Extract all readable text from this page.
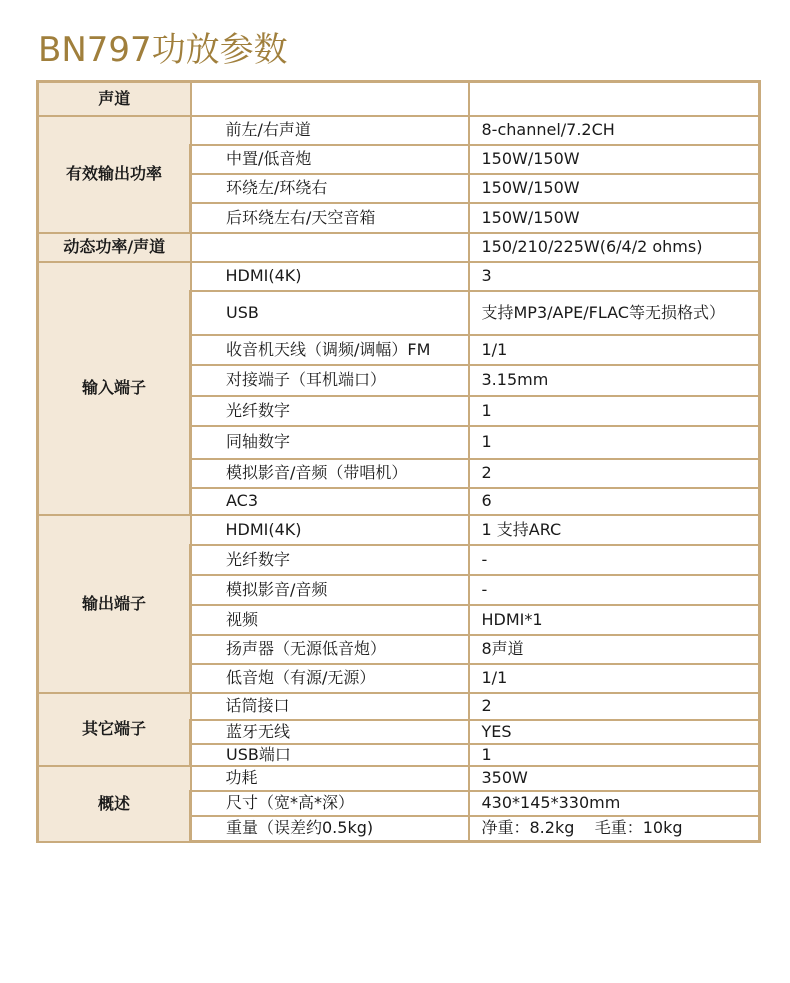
BN797功放参数
声道		
有效输出功率	前左/右声道	8-channel/7.2CH
	中置/低音炮	150W/150W
	环绕左/环绕右	150W/150W
	后环绕左右/天空音箱	150W/150W
动态功率/声道		150/210/225W(6/4/2 ohms)
输入端子	HDMI(4K)	3
	USB	支持MP3/APE/FLAC等无损格式）
	收音机天线（调频/调幅）FM	1/1
	对接端子（耳机端口）	3.15mm
	光纤数字	1
	同轴数字	1
	模拟影音/音频（带唱机）	2
	AC3	6
输出端子	HDMI(4K)	1 支持ARC
	光纤数字	-
	模拟影音/音频	-
	视频	HDMI*1
	扬声器（无源低音炮）	8声道
	低音炮（有源/无源）	1/1
其它端子	话筒接口	2
	蓝牙无线	YES
	USB端口	1
概述	功耗	350W
	尺寸（宽*高*深）	430*145*330mm
	重量（误差约0.5kg)	净重：8.2kg    毛重：10kg
